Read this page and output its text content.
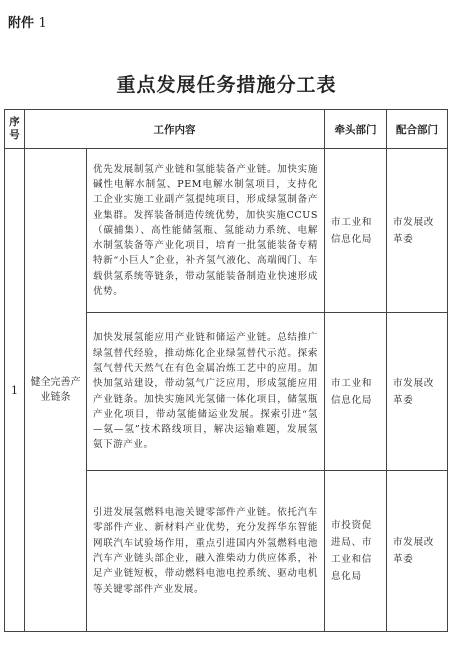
附件 1
重点发展任务措施分工表
序号	工作内容		牵头部门	配合部门
1	健全完善产业链条	优先发展制氢产业链和氢能装备产业链。加快实施碱性电解水制氢、PEM电解水制氢项目，支持化工企业实施工业副产氢提纯项目，形成绿氢制备产业集群。发挥装备制造传统优势，加快实施CCUS（碳捕集）、高性能储氢瓶、氢能动力系统、电解水制氢装备等产业化项目，培育一批氢能装备专精特新“小巨人”企业，补齐氢气液化、高端阀门、车载供氢系统等链条，带动氢能装备制造业快速形成优势。	市工业和信息化局	市发展改革委
		加快发展氢能应用产业链和储运产业链。总结推广绿氢替代经验，推动炼化企业绿氢替代示范。探索氢气替代天然气在有色金属冶炼工艺中的应用。加快加氢站建设，带动氢气广泛应用，形成氢能应用产业链条。加快实施风光氢储一体化项目，储氢瓶产业化项目，带动氢能储运业发展。探索引进“氢—氨—氢”技术路线项目，解决运输难题，发展氢氨下游产业。	市工业和信息化局	市发展改革委
		引进发展氢燃料电池关键零部件产业链。依托汽车零部件产业、新材料产业优势，充分发挥华东智能网联汽车试验场作用，重点引进国内外氢燃料电池汽车产业链头部企业，融入淮柴动力供应体系，补足产业链短板，带动燃料电池电控系统、驱动电机等关键零部件产业发展。	市投资促进局、市工业和信息化局	市发展改革委
